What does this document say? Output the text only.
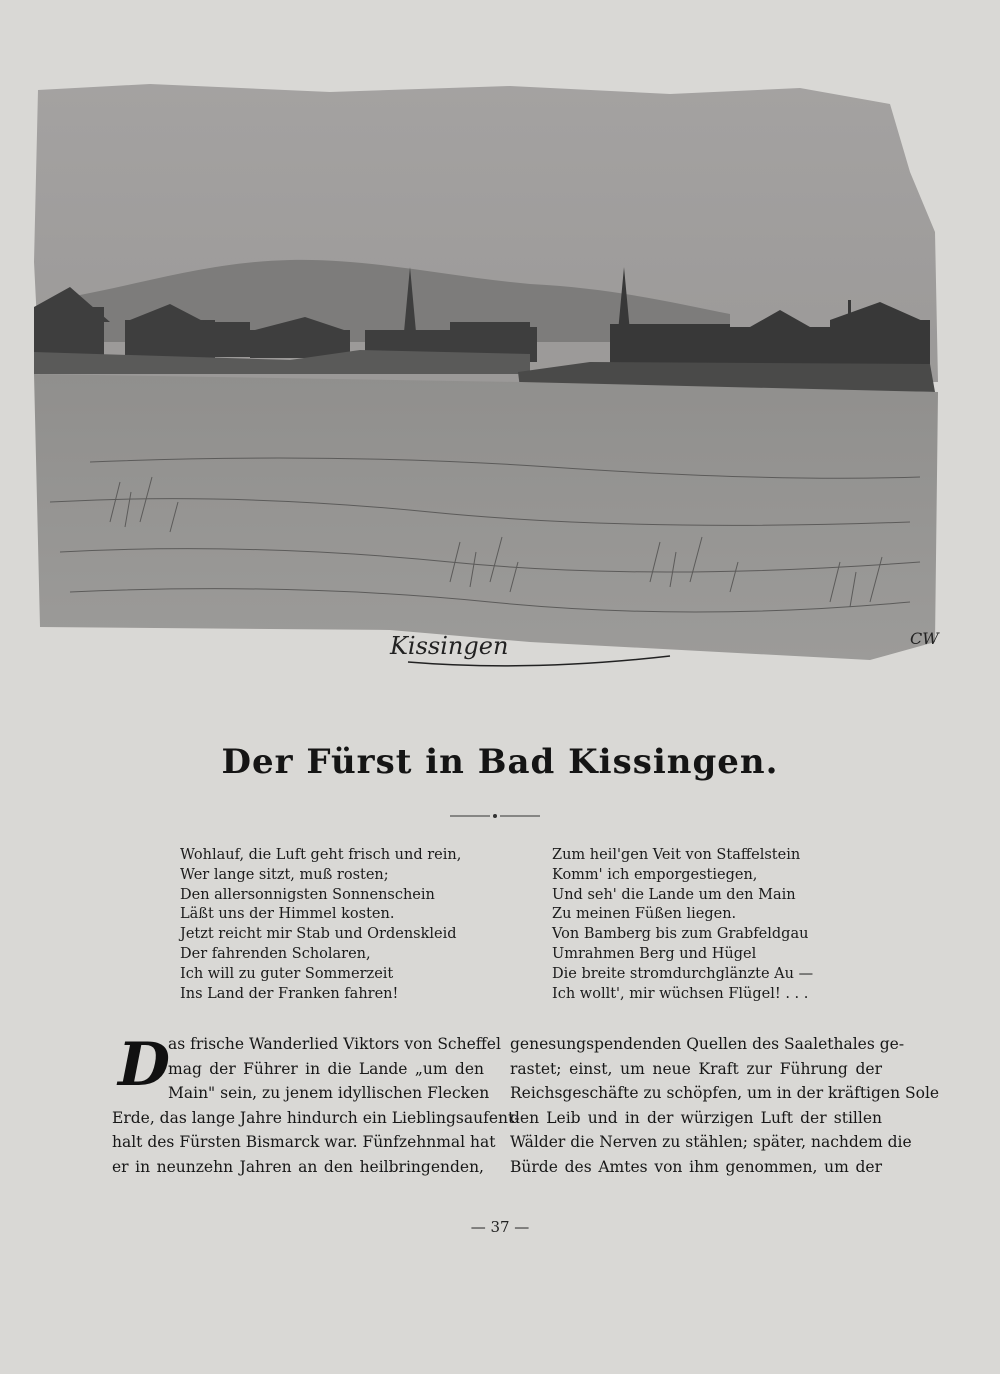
Kissingen	CW
Der Fürst in Bad Kissingen.
Wohlauf, die Luft geht frisch und rein,
Wer lange sitzt, muß rosten;
Den allersonnigsten Sonnenschein
Läßt uns der Himmel kosten.
Jetzt reicht mir Stab und Ordenskleid
Der fahrenden Scholaren,
Ich will zu guter Sommerzeit
Ins Land der Franken fahren!
Zum heil'gen Veit von Staffelstein
Komm' ich emporgestiegen,
Und seh' die Lande um den Main
Zu meinen Füßen liegen.
Von Bamberg bis zum Grabfeldgau
Umrahmen Berg und Hügel
Die breite stromdurchglänzte Au —
Ich wollt', mir wüchsen Flügel! . . .
D
as frische Wanderlied Viktors von Scheffel
mag der Führer in die Lande „um den
Main" sein, zu jenem idyllischen Flecken
Erde, das lange Jahre hindurch ein Lieblingsaufent-
halt des Fürsten Bismarck war. Fünfzehnmal hat
er in neunzehn Jahren an den heilbringenden,
genesungspendenden Quellen des Saalethales ge-
rastet; einst, um neue Kraft zur Führung der
Reichsgeschäfte zu schöpfen, um in der kräftigen Sole
den Leib und in der würzigen Luft der stillen
Wälder die Nerven zu stählen; später, nachdem die
Bürde des Amtes von ihm genommen, um der
— 37 —
